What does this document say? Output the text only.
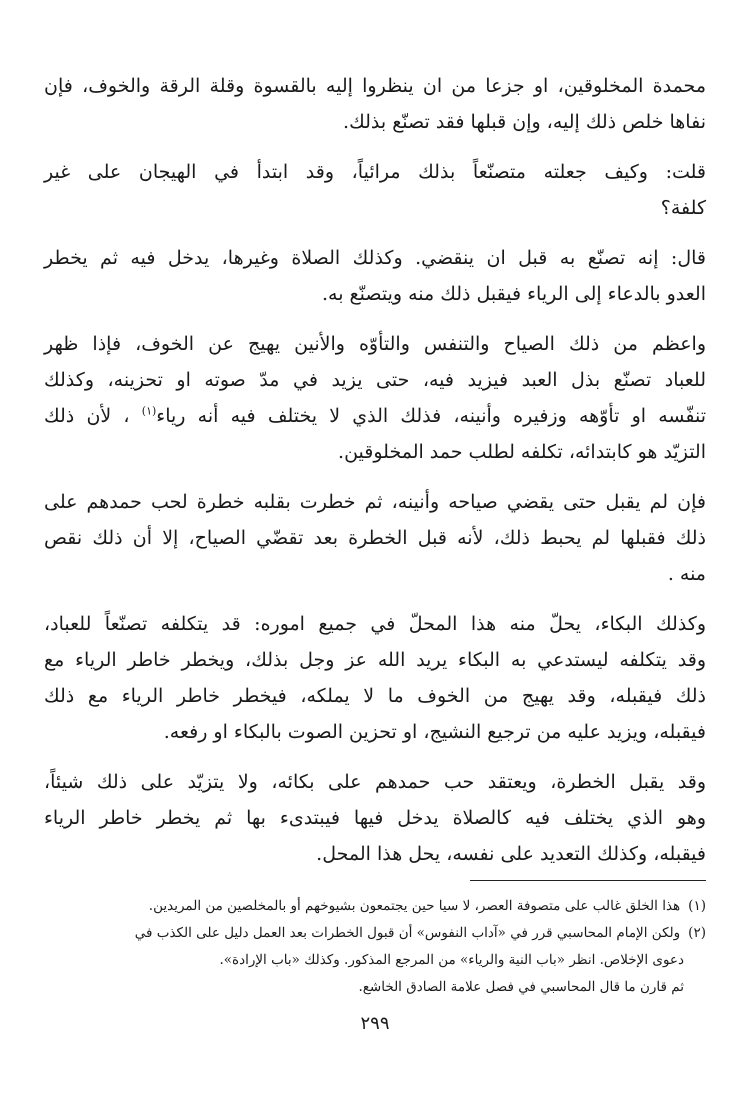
محمدة المخلوقين، او جزعا من ان ينظروا إليه بالقسوة وقلة الرقة والخوف، فإن
نفاها خلص ذلك إليه، وإن قبلها فقد تصنّع بذلك.

قلت: وكيف جعلته متصنّعاً بذلك مرائياً، وقد ابتدأ في الهيجان على غير
كلفة؟

قال: إنه تصنّع به قبل ان ينقضي. وكذلك الصلاة وغيرها، يدخل فيه ثم يخطر
العدو بالدعاء إلى الرياء فيقبل ذلك منه ويتصنّع به.

واعظم من ذلك الصياح والتنفس والتأوّه والأنين يهيج عن الخوف، فإذا ظهر
للعباد تصنّع بذل العبد فيزيد فيه، حتى يزيد في مدّ صوته او تحزينه، وكذلك
تنفّسه او تأوّهه وزفيره وأنينه، فذلك الذي لا يختلف فيه أنه رياء$^{(١)}$ ، لأن ذلك
التزيّد هو كابتدائه، تكلفه لطلب حمد المخلوقين.

فإن لم يقبل حتى يقضي صياحه وأنينه، ثم خطرت بقلبه خطرة لحب حمدهم على
ذلك فقبلها لم يحبط ذلك، لأنه قبل الخطرة بعد تقضّي الصياح، إلا أن ذلك نقص
منه .

وكذلك البكاء، يحلّ منه هذا المحلّ في جميع اموره: قد يتكلفه تصنّعاً للعباد،
وقد يتكلفه ليستدعي به البكاء يريد الله عز وجل بذلك، ويخطر خاطر الرياء مع
ذلك فيقبله، وقد يهيج من الخوف ما لا يملكه، فيخطر خاطر الرياء مع ذلك
فيقبله، ويزيد عليه من ترجيع النشيج، او تحزين الصوت بالبكاء او رفعه.

وقد يقبل الخطرة، ويعتقد حب حمدهم على بكائه، ولا يتزيّد على ذلك شيئاً،
وهو الذي يختلف فيه كالصلاة يدخل فيها فيبتدىء بها ثم يخطر خاطر الرياء
فيقبله، وكذلك التعديد على نفسه، يحل هذا المحل.

(١)هذا الخلق غالب على متصوفة العصر، لا سيا حين يجتمعون بشيوخهم أو بالمخلصين من المريدين.
(٢)ولكن الإمام المحاسبي قرر في «آداب النفوس» أن قبول الخطرات بعد العمل دليل على الكذب في
دعوى الإخلاص. انظر «باب النية والرياء» من المرجع المذكور. وكذلك «باب الإرادة».
ثم قارن ما قال المحاسبي في فصل علامة الصادق الخاشع.
٢٩٩
